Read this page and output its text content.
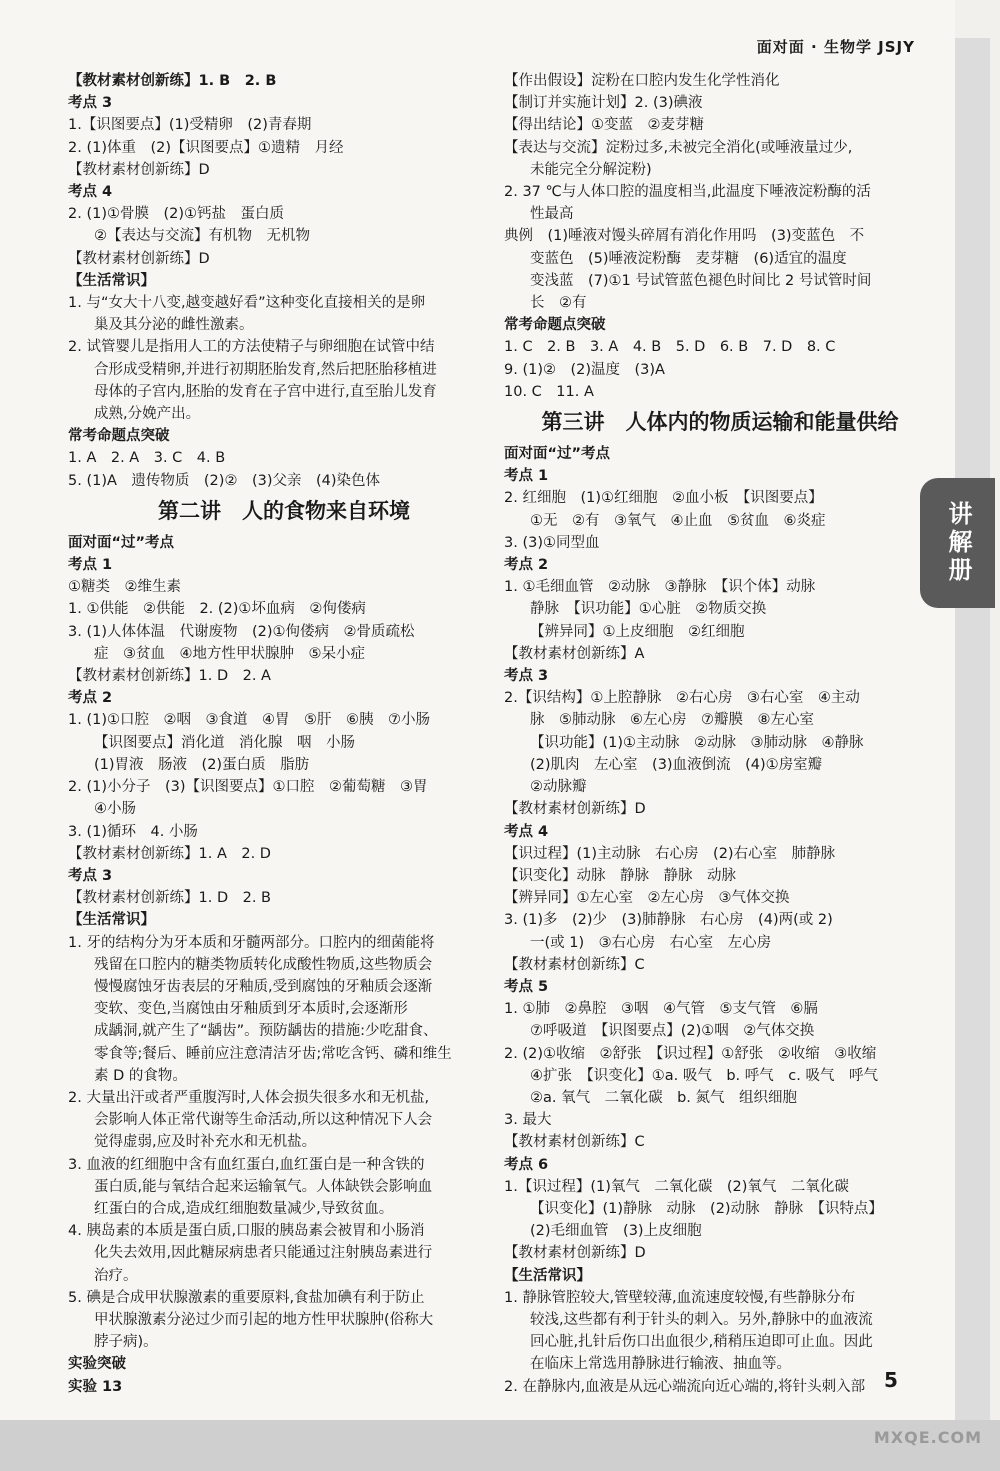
讲解册
面对面 · 生物学 JSJY
【教材素材创新练】1. B　2. B
考点 3
1.【识图要点】(1)受精卵　(2)青春期
2. (1)体重　(2)【识图要点】①遗精　月经
【教材素材创新练】D
考点 4
2. (1)①骨膜　(2)①钙盐　蛋白质
②【表达与交流】有机物　无机物
【教材素材创新练】D
【生活常识】
1. 与“女大十八变,越变越好看”这种变化直接相关的是卵
巢及其分泌的雌性激素。
2. 试管婴儿是指用人工的方法使精子与卵细胞在试管中结
合形成受精卵,并进行初期胚胎发育,然后把胚胎移植进
母体的子宫内,胚胎的发育在子宫中进行,直至胎儿发育
成熟,分娩产出。
常考命题点突破
1. A　2. A　3. C　4. B
5. (1)A　遗传物质　(2)②　(3)父亲　(4)染色体
第二讲　人的食物来自环境
面对面“过”考点
考点 1
①糖类　②维生素
1. ①供能　②供能　2. (2)①坏血病　②佝偻病
3. (1)人体体温　代谢废物　(2)①佝偻病　②骨质疏松
症　③贫血　④地方性甲状腺肿　⑤呆小症
【教材素材创新练】1. D　2. A
考点 2
1. (1)①口腔　②咽　③食道　④胃　⑤肝　⑥胰　⑦小肠
【识图要点】消化道　消化腺　咽　小肠
(1)胃液　肠液　(2)蛋白质　脂肪
2. (1)小分子　(3)【识图要点】①口腔　②葡萄糖　③胃
④小肠
3. (1)循环　4. 小肠
【教材素材创新练】1. A　2. D
考点 3
【教材素材创新练】1. D　2. B
【生活常识】
1. 牙的结构分为牙本质和牙髓两部分。口腔内的细菌能将
残留在口腔内的糖类物质转化成酸性物质,这些物质会
慢慢腐蚀牙齿表层的牙釉质,受到腐蚀的牙釉质会逐渐
变软、变色,当腐蚀由牙釉质到牙本质时,会逐渐形
成龋洞,就产生了“龋齿”。预防龋齿的措施:少吃甜食、
零食等;餐后、睡前应注意清洁牙齿;常吃含钙、磷和维生
素 D 的食物。
2. 大量出汗或者严重腹泻时,人体会损失很多水和无机盐,
会影响人体正常代谢等生命活动,所以这种情况下人会
觉得虚弱,应及时补充水和无机盐。
3. 血液的红细胞中含有血红蛋白,血红蛋白是一种含铁的
蛋白质,能与氧结合起来运输氧气。人体缺铁会影响血
红蛋白的合成,造成红细胞数量减少,导致贫血。
4. 胰岛素的本质是蛋白质,口服的胰岛素会被胃和小肠消
化失去效用,因此糖尿病患者只能通过注射胰岛素进行
治疗。
5. 碘是合成甲状腺激素的重要原料,食盐加碘有利于防止
甲状腺激素分泌过少而引起的地方性甲状腺肿(俗称大
脖子病)。
实验突破
实验 13
【作出假设】淀粉在口腔内发生化学性消化
【制订并实施计划】2. (3)碘液
【得出结论】①变蓝　②麦芽糖
【表达与交流】淀粉过多,未被完全消化(或唾液量过少,
未能完全分解淀粉)
2. 37 ℃与人体口腔的温度相当,此温度下唾液淀粉酶的活
性最高
典例　(1)唾液对馒头碎屑有消化作用吗　(3)变蓝色　不
变蓝色　(5)唾液淀粉酶　麦芽糖　(6)适宜的温度
变浅蓝　(7)①1 号试管蓝色褪色时间比 2 号试管时间
长　②有
常考命题点突破
1. C　2. B　3. A　4. B　5. D　6. B　7. D　8. C
9. (1)②　(2)温度　(3)A
10. C　11. A
第三讲　人体内的物质运输和能量供给
面对面“过”考点
考点 1
2. 红细胞　(1)①红细胞　②血小板　【识图要点】
①无　②有　③氧气　④止血　⑤贫血　⑥炎症
3. (3)①同型血
考点 2
1. ①毛细血管　②动脉　③静脉　【识个体】动脉
静脉　【识功能】①心脏　②物质交换
【辨异同】①上皮细胞　②红细胞
【教材素材创新练】A
考点 3
2.【识结构】①上腔静脉　②右心房　③右心室　④主动
脉　⑤肺动脉　⑥左心房　⑦瓣膜　⑧左心室
【识功能】(1)①主动脉　②动脉　③肺动脉　④静脉
(2)肌肉　左心室　(3)血液倒流　(4)①房室瓣
②动脉瓣
【教材素材创新练】D
考点 4
【识过程】(1)主动脉　右心房　(2)右心室　肺静脉
【识变化】动脉　静脉　静脉　动脉
【辨异同】①左心室　②左心房　③气体交换
3. (1)多　(2)少　(3)肺静脉　右心房　(4)两(或 2)
一(或 1)　③右心房　右心室　左心房
【教材素材创新练】C
考点 5
1. ①肺　②鼻腔　③咽　④气管　⑤支气管　⑥膈
⑦呼吸道　【识图要点】(2)①咽　②气体交换
2. (2)①收缩　②舒张　【识过程】①舒张　②收缩　③收缩
④扩张　【识变化】①a. 吸气　b. 呼气　c. 吸气　呼气
②a. 氧气　二氧化碳　b. 氮气　组织细胞
3. 最大
【教材素材创新练】C
考点 6
1.【识过程】(1)氧气　二氧化碳　(2)氧气　二氧化碳
【识变化】(1)静脉　动脉　(2)动脉　静脉　【识特点】
(2)毛细血管　(3)上皮细胞
【教材素材创新练】D
【生活常识】
1. 静脉管腔较大,管壁较薄,血流速度较慢,有些静脉分布
较浅,这些都有利于针头的刺入。另外,静脉中的血液流
回心脏,扎针后伤口出血很少,稍稍压迫即可止血。因此
在临床上常选用静脉进行输液、抽血等。
2. 在静脉内,血液是从远心端流向近心端的,将针头刺入部 5
MXQE.COM
